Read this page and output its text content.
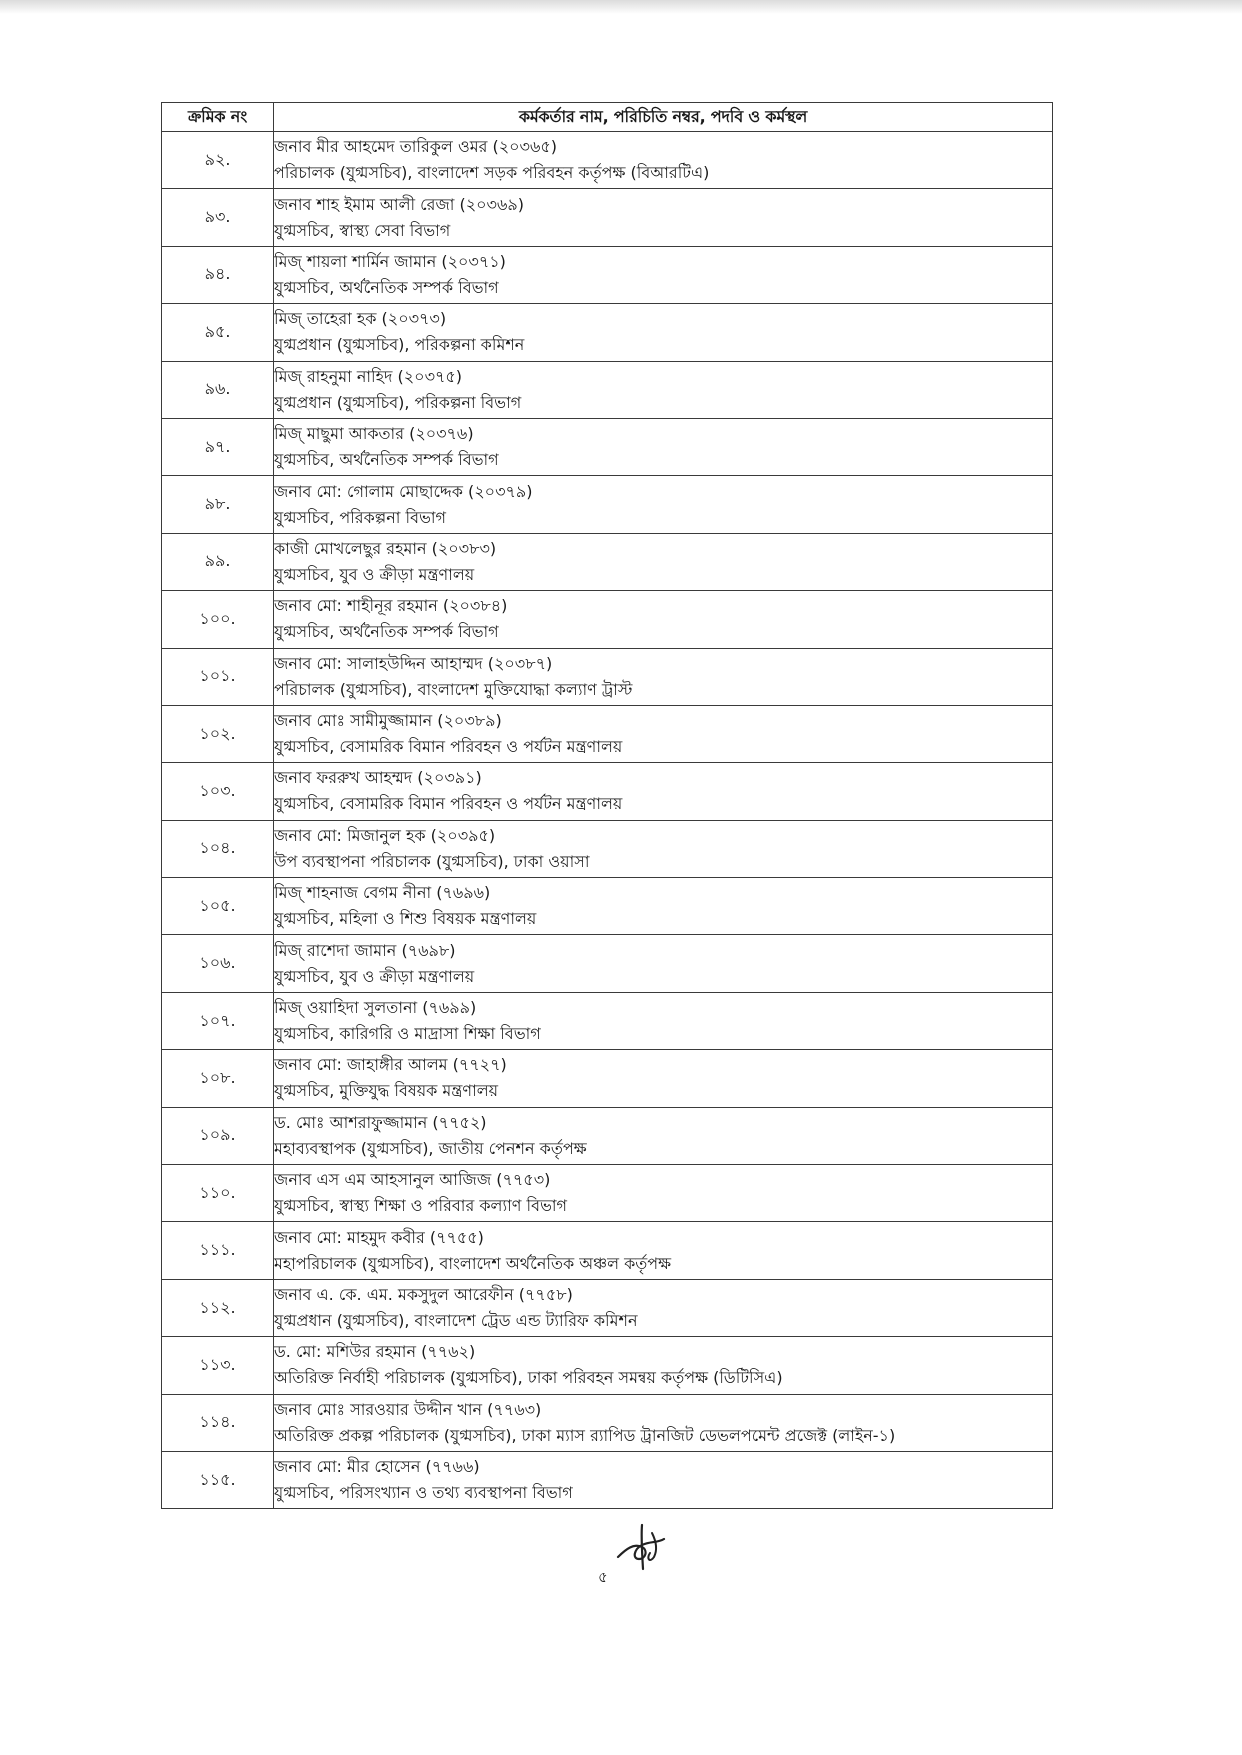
ক্রমিক নং	কর্মকর্তার নাম, পরিচিতি নম্বর, পদবি ও কর্মস্থল
৯২.	জনাব মীর আহমেদ তারিকুল ওমর (২০৩৬৫)
পরিচালক (যুগ্মসচিব), বাংলাদেশ সড়ক পরিবহন কর্তৃপক্ষ (বিআরটিএ)

৯৩.	জনাব শাহ ইমাম আলী রেজা (২০৩৬৯)
যুগ্মসচিব, স্বাস্থ্য সেবা বিভাগ

৯৪.	মিজ্ শায়লা শার্মিন জামান (২০৩৭১)
যুগ্মসচিব, অর্থনৈতিক সম্পর্ক বিভাগ

৯৫.	মিজ্ তাহেরা হক (২০৩৭৩)
যুগ্মপ্রধান (যুগ্মসচিব), পরিকল্পনা কমিশন

৯৬.	মিজ্ রাহনুমা নাহিদ (২০৩৭৫)
যুগ্মপ্রধান (যুগ্মসচিব), পরিকল্পনা বিভাগ

৯৭.	মিজ্ মাছুমা আকতার (২০৩৭৬)
যুগ্মসচিব, অর্থনৈতিক সম্পর্ক বিভাগ

৯৮.	জনাব মো: গোলাম মোছাদ্দেক (২০৩৭৯)
যুগ্মসচিব, পরিকল্পনা বিভাগ

৯৯.	কাজী মোখলেছুর রহমান (২০৩৮৩)
যুগ্মসচিব, যুব ও ক্রীড়া মন্ত্রণালয়

১০০.	জনাব মো: শাহীনূর রহমান (২০৩৮৪)
যুগ্মসচিব, অর্থনৈতিক সম্পর্ক বিভাগ

১০১.	জনাব মো: সালাহউদ্দিন আহাম্মদ (২০৩৮৭)
পরিচালক (যুগ্মসচিব), বাংলাদেশ মুক্তিযোদ্ধা কল্যাণ ট্রাস্ট

১০২.	জনাব মোঃ সামীমুজ্জামান (২০৩৮৯)
যুগ্মসচিব, বেসামরিক বিমান পরিবহন ও পর্যটন মন্ত্রণালয়

১০৩.	জনাব ফররুখ আহম্মদ (২০৩৯১)
যুগ্মসচিব, বেসামরিক বিমান পরিবহন ও পর্যটন মন্ত্রণালয়

১০৪.	জনাব মো: মিজানুল হক (২০৩৯৫)
উপ ব্যবস্থাপনা পরিচালক (যুগ্মসচিব), ঢাকা ওয়াসা

১০৫.	মিজ্ শাহনাজ বেগম নীনা (৭৬৯৬)
যুগ্মসচিব, মহিলা ও শিশু বিষয়ক মন্ত্রণালয়

১০৬.	মিজ্ রাশেদা জামান (৭৬৯৮)
যুগ্মসচিব, যুব ও ক্রীড়া মন্ত্রণালয়

১০৭.	মিজ্ ওয়াহিদা সুলতানা (৭৬৯৯)
যুগ্মসচিব, কারিগরি ও মাদ্রাসা শিক্ষা বিভাগ

১০৮.	জনাব মো: জাহাঙ্গীর আলম (৭৭২৭)
যুগ্মসচিব, মুক্তিযুদ্ধ বিষয়ক মন্ত্রণালয়

১০৯.	ড. মোঃ আশরাফুজ্জামান (৭৭৫২)
মহাব্যবস্থাপক (যুগ্মসচিব), জাতীয় পেনশন কর্তৃপক্ষ

১১০.	জনাব এস এম আহসানুল আজিজ (৭৭৫৩)
যুগ্মসচিব, স্বাস্থ্য শিক্ষা ও পরিবার কল্যাণ বিভাগ

১১১.	জনাব মো: মাহমুদ কবীর (৭৭৫৫)
মহাপরিচালক (যুগ্মসচিব), বাংলাদেশ অর্থনৈতিক অঞ্চল কর্তৃপক্ষ

১১২.	জনাব এ. কে. এম. মকসুদুল আরেফীন (৭৭৫৮)
যুগ্মপ্রধান (যুগ্মসচিব), বাংলাদেশ ট্রেড এন্ড ট্যারিফ কমিশন

১১৩.	ড. মো: মশিউর রহমান (৭৭৬২)
অতিরিক্ত নির্বাহী পরিচালক (যুগ্মসচিব), ঢাকা পরিবহন সমন্বয় কর্তৃপক্ষ (ডিটিসিএ)

১১৪.	জনাব মোঃ সারওয়ার উদ্দীন খান (৭৭৬৩)
অতিরিক্ত প্রকল্প পরিচালক (যুগ্মসচিব), ঢাকা ম্যাস র‌্যাপিড ট্রানজিট ডেভলপমেন্ট প্রজেক্ট (লাইন-১)

১১৫.	জনাব মো: মীর হোসেন (৭৭৬৬)
যুগ্মসচিব, পরিসংখ্যান ও তথ্য ব্যবস্থাপনা বিভাগ
৫
